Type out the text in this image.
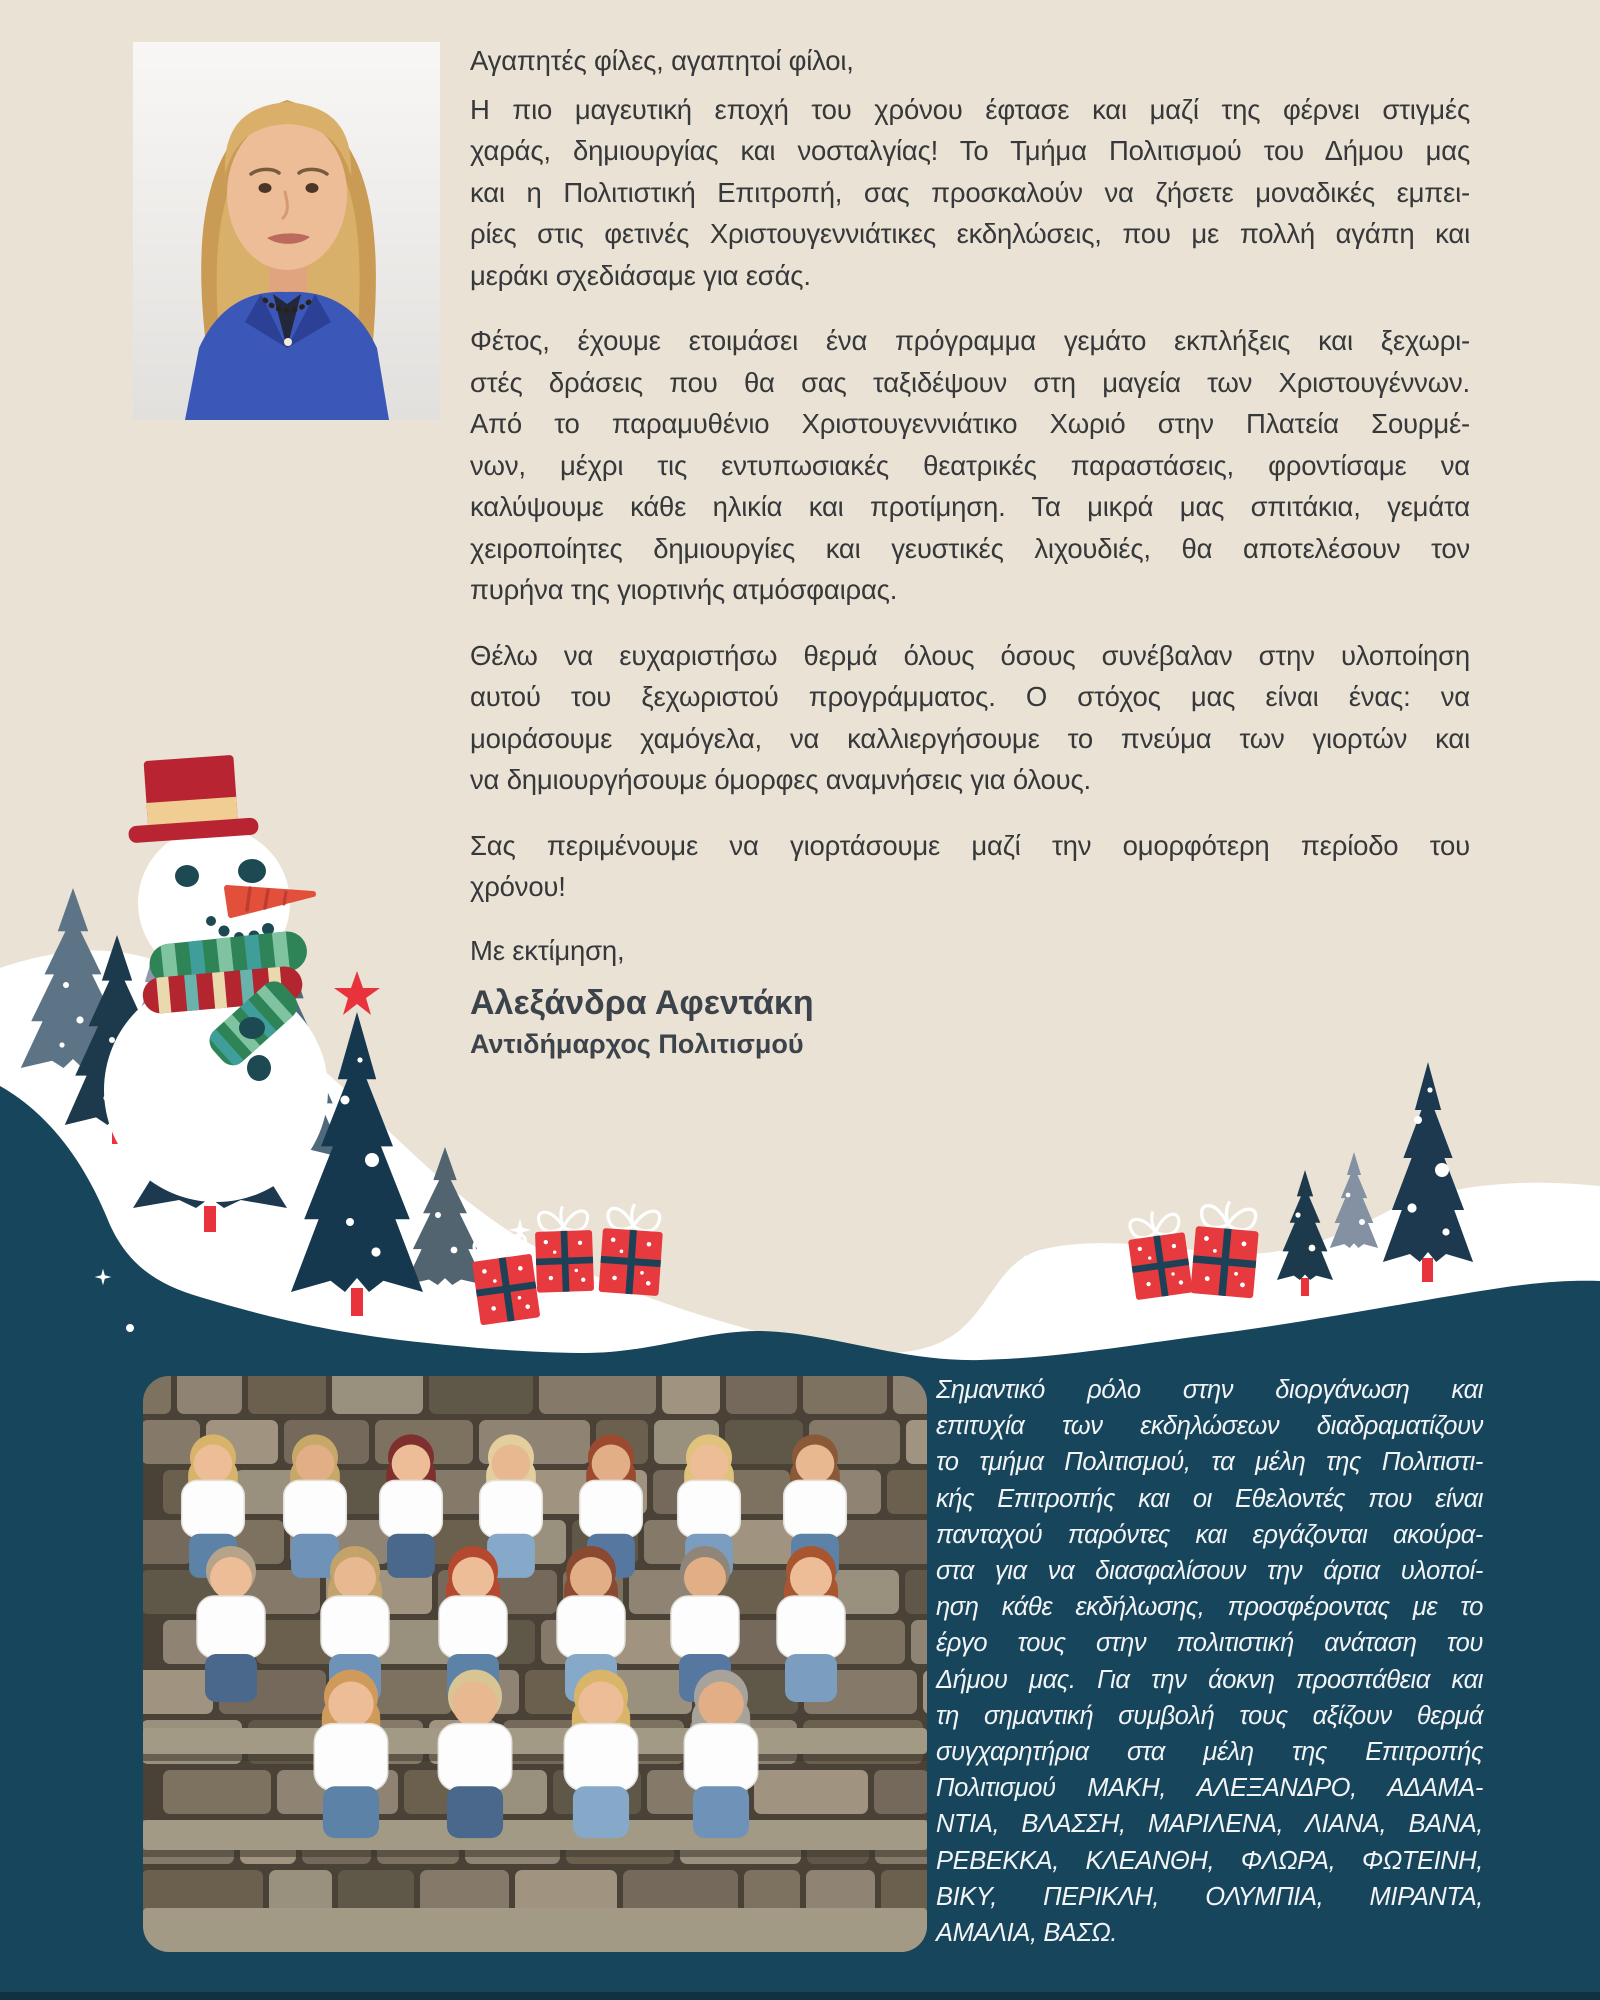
Αγαπητές φίλες, αγαπητοί φίλοι,
Η πιο μαγευτική εποχή του χρόνου έφτασε και μαζί της φέρνει στιγμές
χαράς, δημιουργίας και νοσταλγίας! Το Τμήμα Πολιτισμού του Δήμου μας
και η Πολιτιστική Επιτροπή, σας προσκαλούν να ζήσετε μοναδικές εμπει-
ρίες στις φετινές Χριστουγεννιάτικες εκδηλώσεις, που με πολλή αγάπη και
μεράκι σχεδιάσαμε για εσάς.
Φέτος, έχουμε ετοιμάσει ένα πρόγραμμα γεμάτο εκπλήξεις και ξεχωρι-
στές δράσεις που θα σας ταξιδέψουν στη μαγεία των Χριστουγέννων.
Από το παραμυθένιο Χριστουγεννιάτικο Χωριό στην Πλατεία Σουρμέ-
νων, μέχρι τις εντυπωσιακές θεατρικές παραστάσεις, φροντίσαμε να
καλύψουμε κάθε ηλικία και προτίμηση. Τα μικρά μας σπιτάκια, γεμάτα
χειροποίητες δημιουργίες και γευστικές λιχουδιές, θα αποτελέσουν τον
πυρήνα της γιορτινής ατμόσφαιρας.
Θέλω να ευχαριστήσω θερμά όλους όσους συνέβαλαν στην υλοποίηση
αυτού του ξεχωριστού προγράμματος. Ο στόχος μας είναι ένας: να
μοιράσουμε χαμόγελα, να καλλιεργήσουμε το πνεύμα των γιορτών και
να δημιουργήσουμε όμορφες αναμνήσεις για όλους.
Σας περιμένουμε να γιορτάσουμε μαζί την ομορφότερη περίοδο του
χρόνου!
Με εκτίμηση,
Αλεξάνδρα Αφεντάκη
Αντιδήμαρχος Πολιτισμού
Σημαντικό ρόλο στην διοργάνωση και
επιτυχία των εκδηλώσεων διαδραματίζουν
το τμήμα Πολιτισμού, τα μέλη της Πολιτιστι-
κής Επιτροπής και οι Εθελοντές που είναι
πανταχού παρόντες και εργάζονται ακούρα-
στα για να διασφαλίσουν την άρτια υλοποί-
ηση κάθε εκδήλωσης, προσφέροντας με το
έργο τους στην πολιτιστική ανάταση του
Δήμου μας. Για την άοκνη προσπάθεια και
τη σημαντική συμβολή τους αξίζουν θερμά
συγχαρητήρια στα μέλη της Επιτροπής
Πολιτισμού ΜΑΚΗ, ΑΛΕΞΑΝΔΡΟ, ΑΔΑΜΑ-
ΝΤΙΑ, ΒΛΑΣΣΗ, ΜΑΡΙΛΕΝΑ, ΛΙΑΝΑ, ΒΑΝΑ,
ΡΕΒΕΚΚΑ, ΚΛΕΑΝΘΗ, ΦΛΩΡΑ, ΦΩΤΕΙΝΗ,
ΒΙΚΥ, ΠΕΡΙΚΛΗ, ΟΛΥΜΠΙΑ, ΜΙΡΑΝΤΑ,
ΑΜΑΛΙΑ, ΒΑΣΩ.
